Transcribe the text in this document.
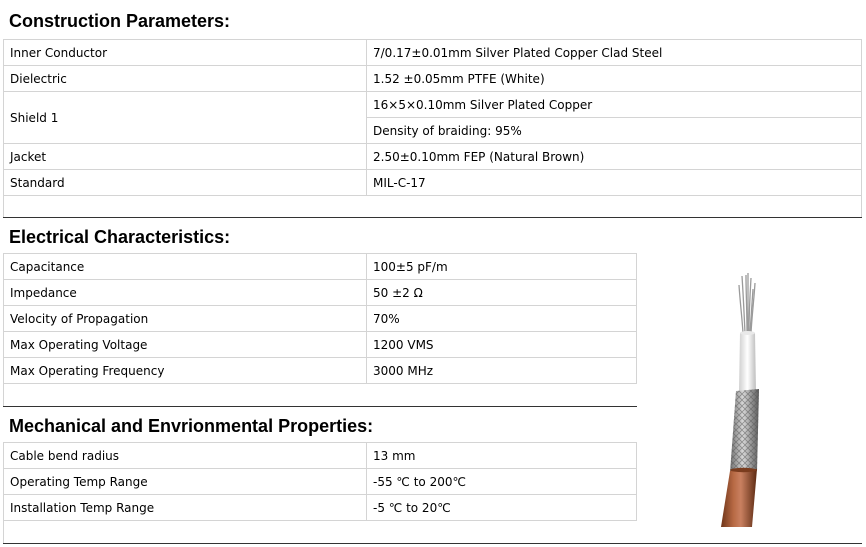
Construction Parameters:
Inner Conductor	7/0.17±0.01mm Silver Plated Copper Clad Steel
Dielectric	1.52 ±0.05mm PTFE (White)
Shield 1	16×5×0.10mm Silver Plated Copper
	Density of braiding: 95%
Jacket	2.50±0.10mm FEP (Natural Brown)
Standard	MIL-C-17
Electrical Characteristics:
Capacitance	100±5 pF/m
Impedance	50 ±2 Ω
Velocity of Propagation	70%
Max Operating Voltage	1200 VMS
Max Operating Frequency	3000 MHz
Mechanical and Envrionmental Properties:
Cable bend radius	13 mm
Operating Temp Range	-55 ℃ to 200℃
Installation Temp Range	-5 ℃ to 20℃
